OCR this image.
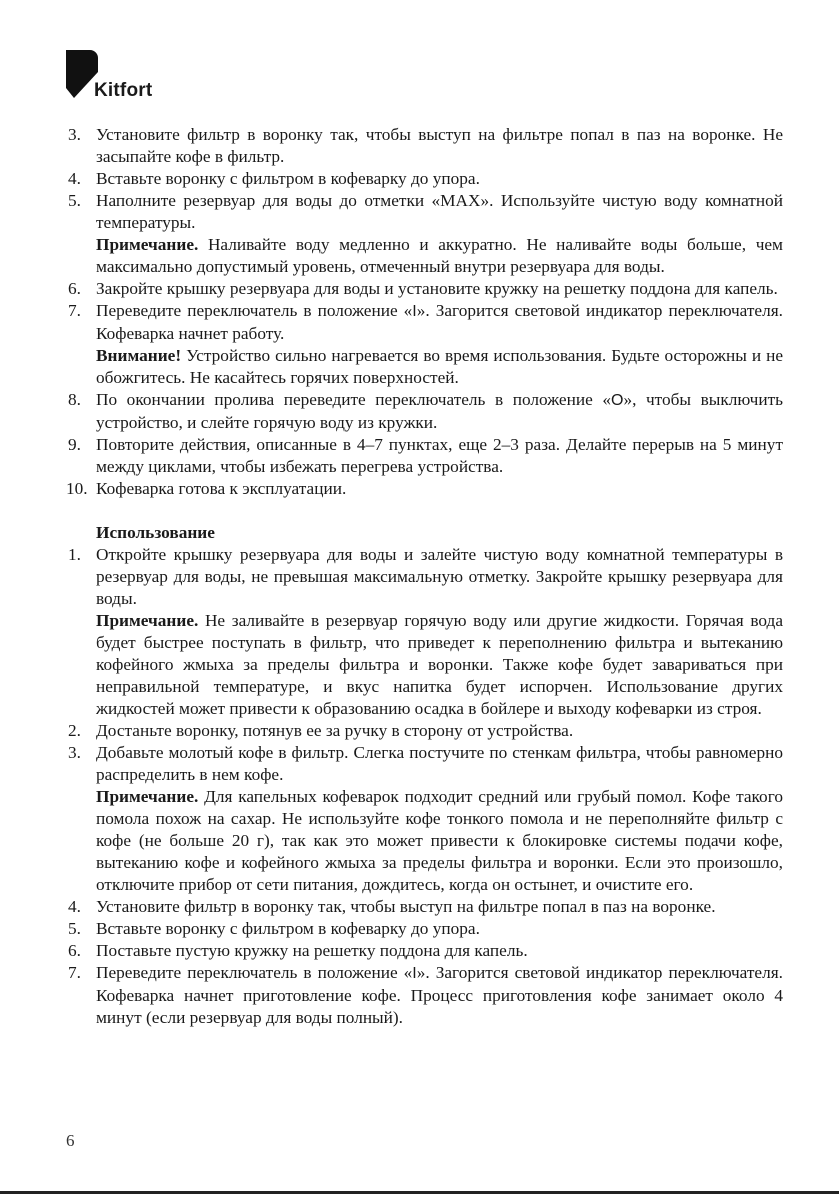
Kitfort
3. Установите фильтр в воронку так, чтобы выступ на фильтре попал в паз на воронке. Не засыпайте кофе в фильтр.
4. Вставьте воронку с фильтром в кофеварку до упора.
5. Наполните резервуар для воды до отметки «MAX». Используйте чистую воду комнатной температуры.
Примечание. Наливайте воду медленно и аккуратно. Не наливайте воды больше, чем максимально допустимый уровень, отмеченный внутри резервуара для воды.
6. Закройте крышку резервуара для воды и установите кружку на решетку поддона для капель.
7. Переведите переключатель в положение «I». Загорится световой индикатор переключателя. Кофеварка начнет работу.
Внимание! Устройство сильно нагревается во время использования. Будьте осторожны и не обожгитесь. Не касайтесь горячих поверхностей.
8. По окончании пролива переведите переключатель в положение «O», чтобы выключить устройство, и слейте горячую воду из кружки.
9. Повторите действия, описанные в 4–7 пунктах, еще 2–3 раза. Делайте перерыв на 5 минут между циклами, чтобы избежать перегрева устройства.
10. Кофеварка готова к эксплуатации.
Использование
1. Откройте крышку резервуара для воды и залейте чистую воду комнатной температуры в резервуар для воды, не превышая максимальную отметку. Закройте крышку резервуара для воды.
Примечание. Не заливайте в резервуар горячую воду или другие жидкости. Горячая вода будет быстрее поступать в фильтр, что приведет к переполнению фильтра и вытеканию кофейного жмыха за пределы фильтра и воронки. Также кофе будет завариваться при неправильной температуре, и вкус напитка будет испорчен. Использование других жидкостей может привести к образованию осадка в бойлере и выходу кофеварки из строя.
2. Достаньте воронку, потянув ее за ручку в сторону от устройства.
3. Добавьте молотый кофе в фильтр. Слегка постучите по стенкам фильтра, чтобы равномерно распределить в нем кофе.
Примечание. Для капельных кофеварок подходит средний или грубый помол. Кофе такого помола похож на сахар. Не используйте кофе тонкого помола и не переполняйте фильтр с кофе (не больше 20 г), так как это может привести к блокировке системы подачи кофе, вытеканию кофе и кофейного жмыха за пределы фильтра и воронки. Если это произошло, отключите прибор от сети питания, дождитесь, когда он остынет, и очистите его.
4. Установите фильтр в воронку так, чтобы выступ на фильтре попал в паз на воронке.
5. Вставьте воронку с фильтром в кофеварку до упора.
6. Поставьте пустую кружку на решетку поддона для капель.
7. Переведите переключатель в положение «I». Загорится световой индикатор переключателя. Кофеварка начнет приготовление кофе. Процесс приготовления кофе занимает около 4 минут (если резервуар для воды полный).
6
